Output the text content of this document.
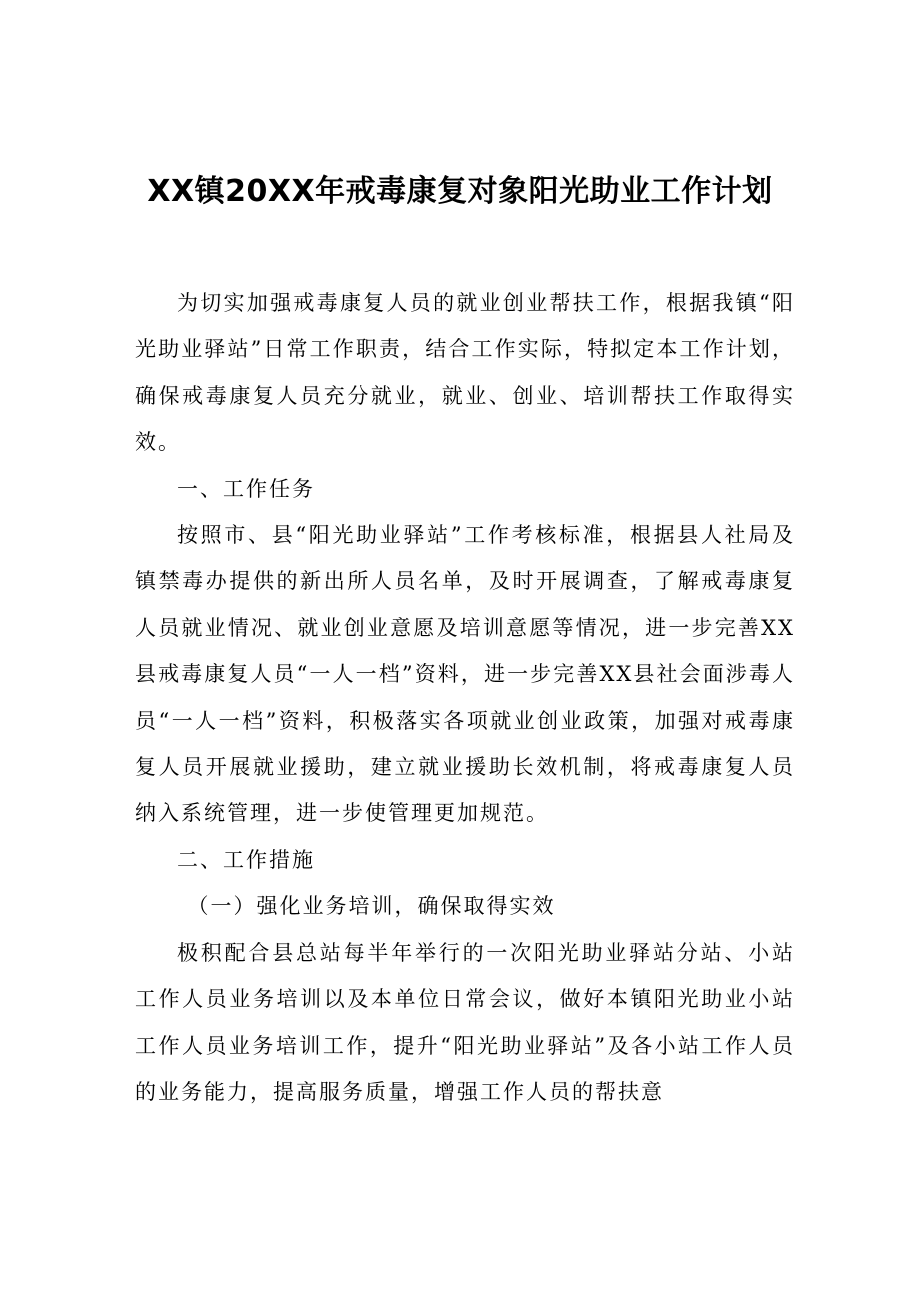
XX镇20XX年戒毒康复对象阳光助业工作计划

为切实加强戒毒康复人员的就业创业帮扶工作，根据我镇“阳光助业驿站”日常工作职责，结合工作实际，特拟定本工作计划，确保戒毒康复人员充分就业，就业、创业、培训帮扶工作取得实效。

一、工作任务

按照市、县“阳光助业驿站”工作考核标准，根据县人社局及镇禁毒办提供的新出所人员名单，及时开展调查，了解戒毒康复人员就业情况、就业创业意愿及培训意愿等情况，进一步完善XX县戒毒康复人员“一人一档”资料，进一步完善XX县社会面涉毒人员“一人一档”资料，积极落实各项就业创业政策，加强对戒毒康复人员开展就业援助，建立就业援助长效机制，将戒毒康复人员纳入系统管理，进一步使管理更加规范。

二、工作措施

（一）强化业务培训，确保取得实效

极积配合县总站每半年举行的一次阳光助业驿站分站、小站工作人员业务培训以及本单位日常会议，做好本镇阳光助业小站工作人员业务培训工作，提升“阳光助业驿站”及各小站工作人员的业务能力，提高服务质量，增强工作人员的帮扶意
